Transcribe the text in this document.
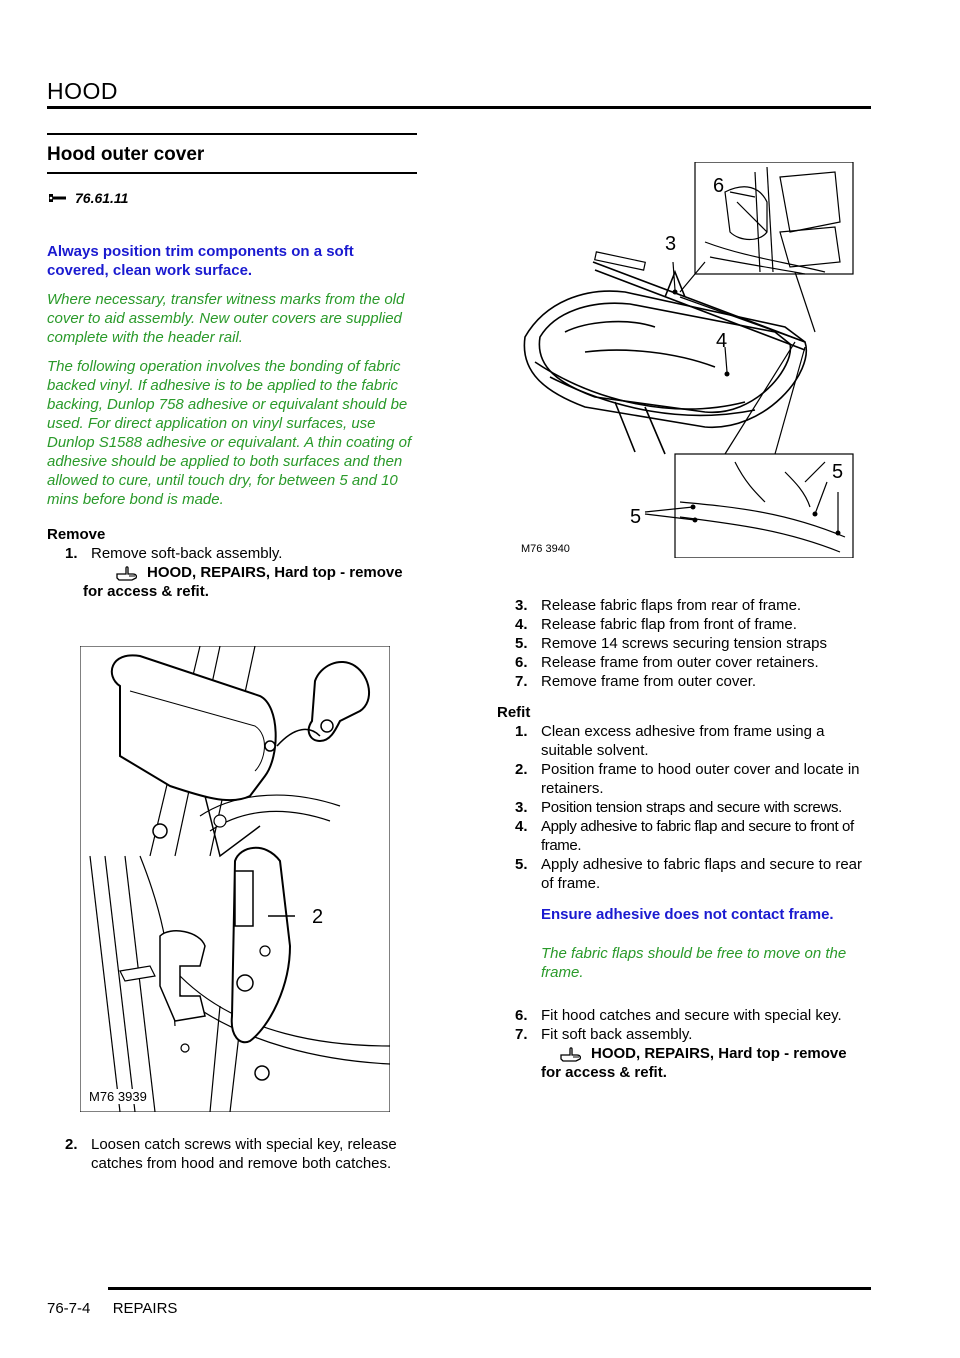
HOOD
Hood outer cover
76.61.11
Always position trim components on a soft covered, clean work surface.
Where necessary, transfer witness marks from the old cover to aid assembly. New outer covers are supplied complete with the header rail.
The following operation involves the bonding of fabric backed vinyl. If adhesive is to be applied to the fabric backing, Dunlop 758 adhesive or equivalant should be used. For direct application on vinyl surfaces, use Dunlop S1588 adhesive or equivalant. A thin coating of adhesive should be applied to both surfaces and then allowed to cure, until touch dry, for between 5 and 10 mins before bond is made.
Remove
1. Remove soft-back assembly.
HOOD, REPAIRS, Hard top - remove
for access & refit.
2
M76 3939
2. Loosen catch screws with special key, release catches from hood and remove both catches.
6
3
4
5
5
M76 3940
3. Release fabric flaps from rear of frame.
4. Release fabric flap from front of frame.
5. Remove 14 screws securing tension straps
6. Release frame from outer cover retainers.
7. Remove frame from outer cover.
Refit
1. Clean excess adhesive from frame using a suitable solvent.
2. Position frame to hood outer cover and locate in retainers.
3. Position tension straps and secure with screws.
4. Apply adhesive to fabric flap and secure to front of frame.
5. Apply adhesive to fabric flaps and secure to rear of frame.
Ensure adhesive does not contact frame.
The fabric flaps should be free to move on the frame.
6. Fit hood catches and secure with special key.
7. Fit soft back assembly.
HOOD, REPAIRS, Hard top - remove
for access & refit.
76-7-4 REPAIRS
